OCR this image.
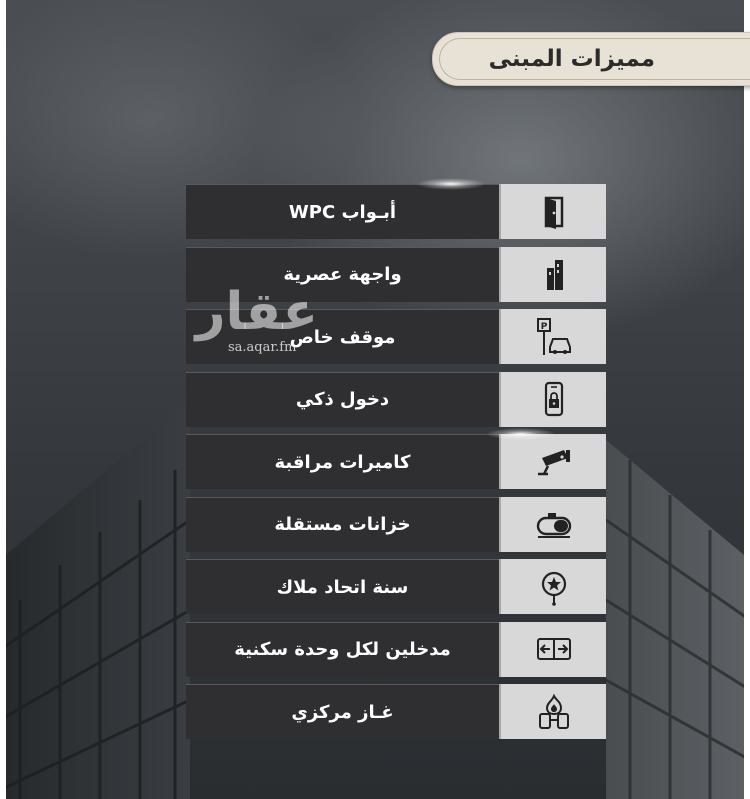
مميزات المبنى
أبـواب WPC
واجهة عصرية
موقف خاص	P
دخول ذكي
كاميرات مراقبة
خزانات مستقلة
سنة اتحاد ملاك
مدخلين لكل وحدة سكنية
غـاز مركزي
عقار
sa.aqar.fm
